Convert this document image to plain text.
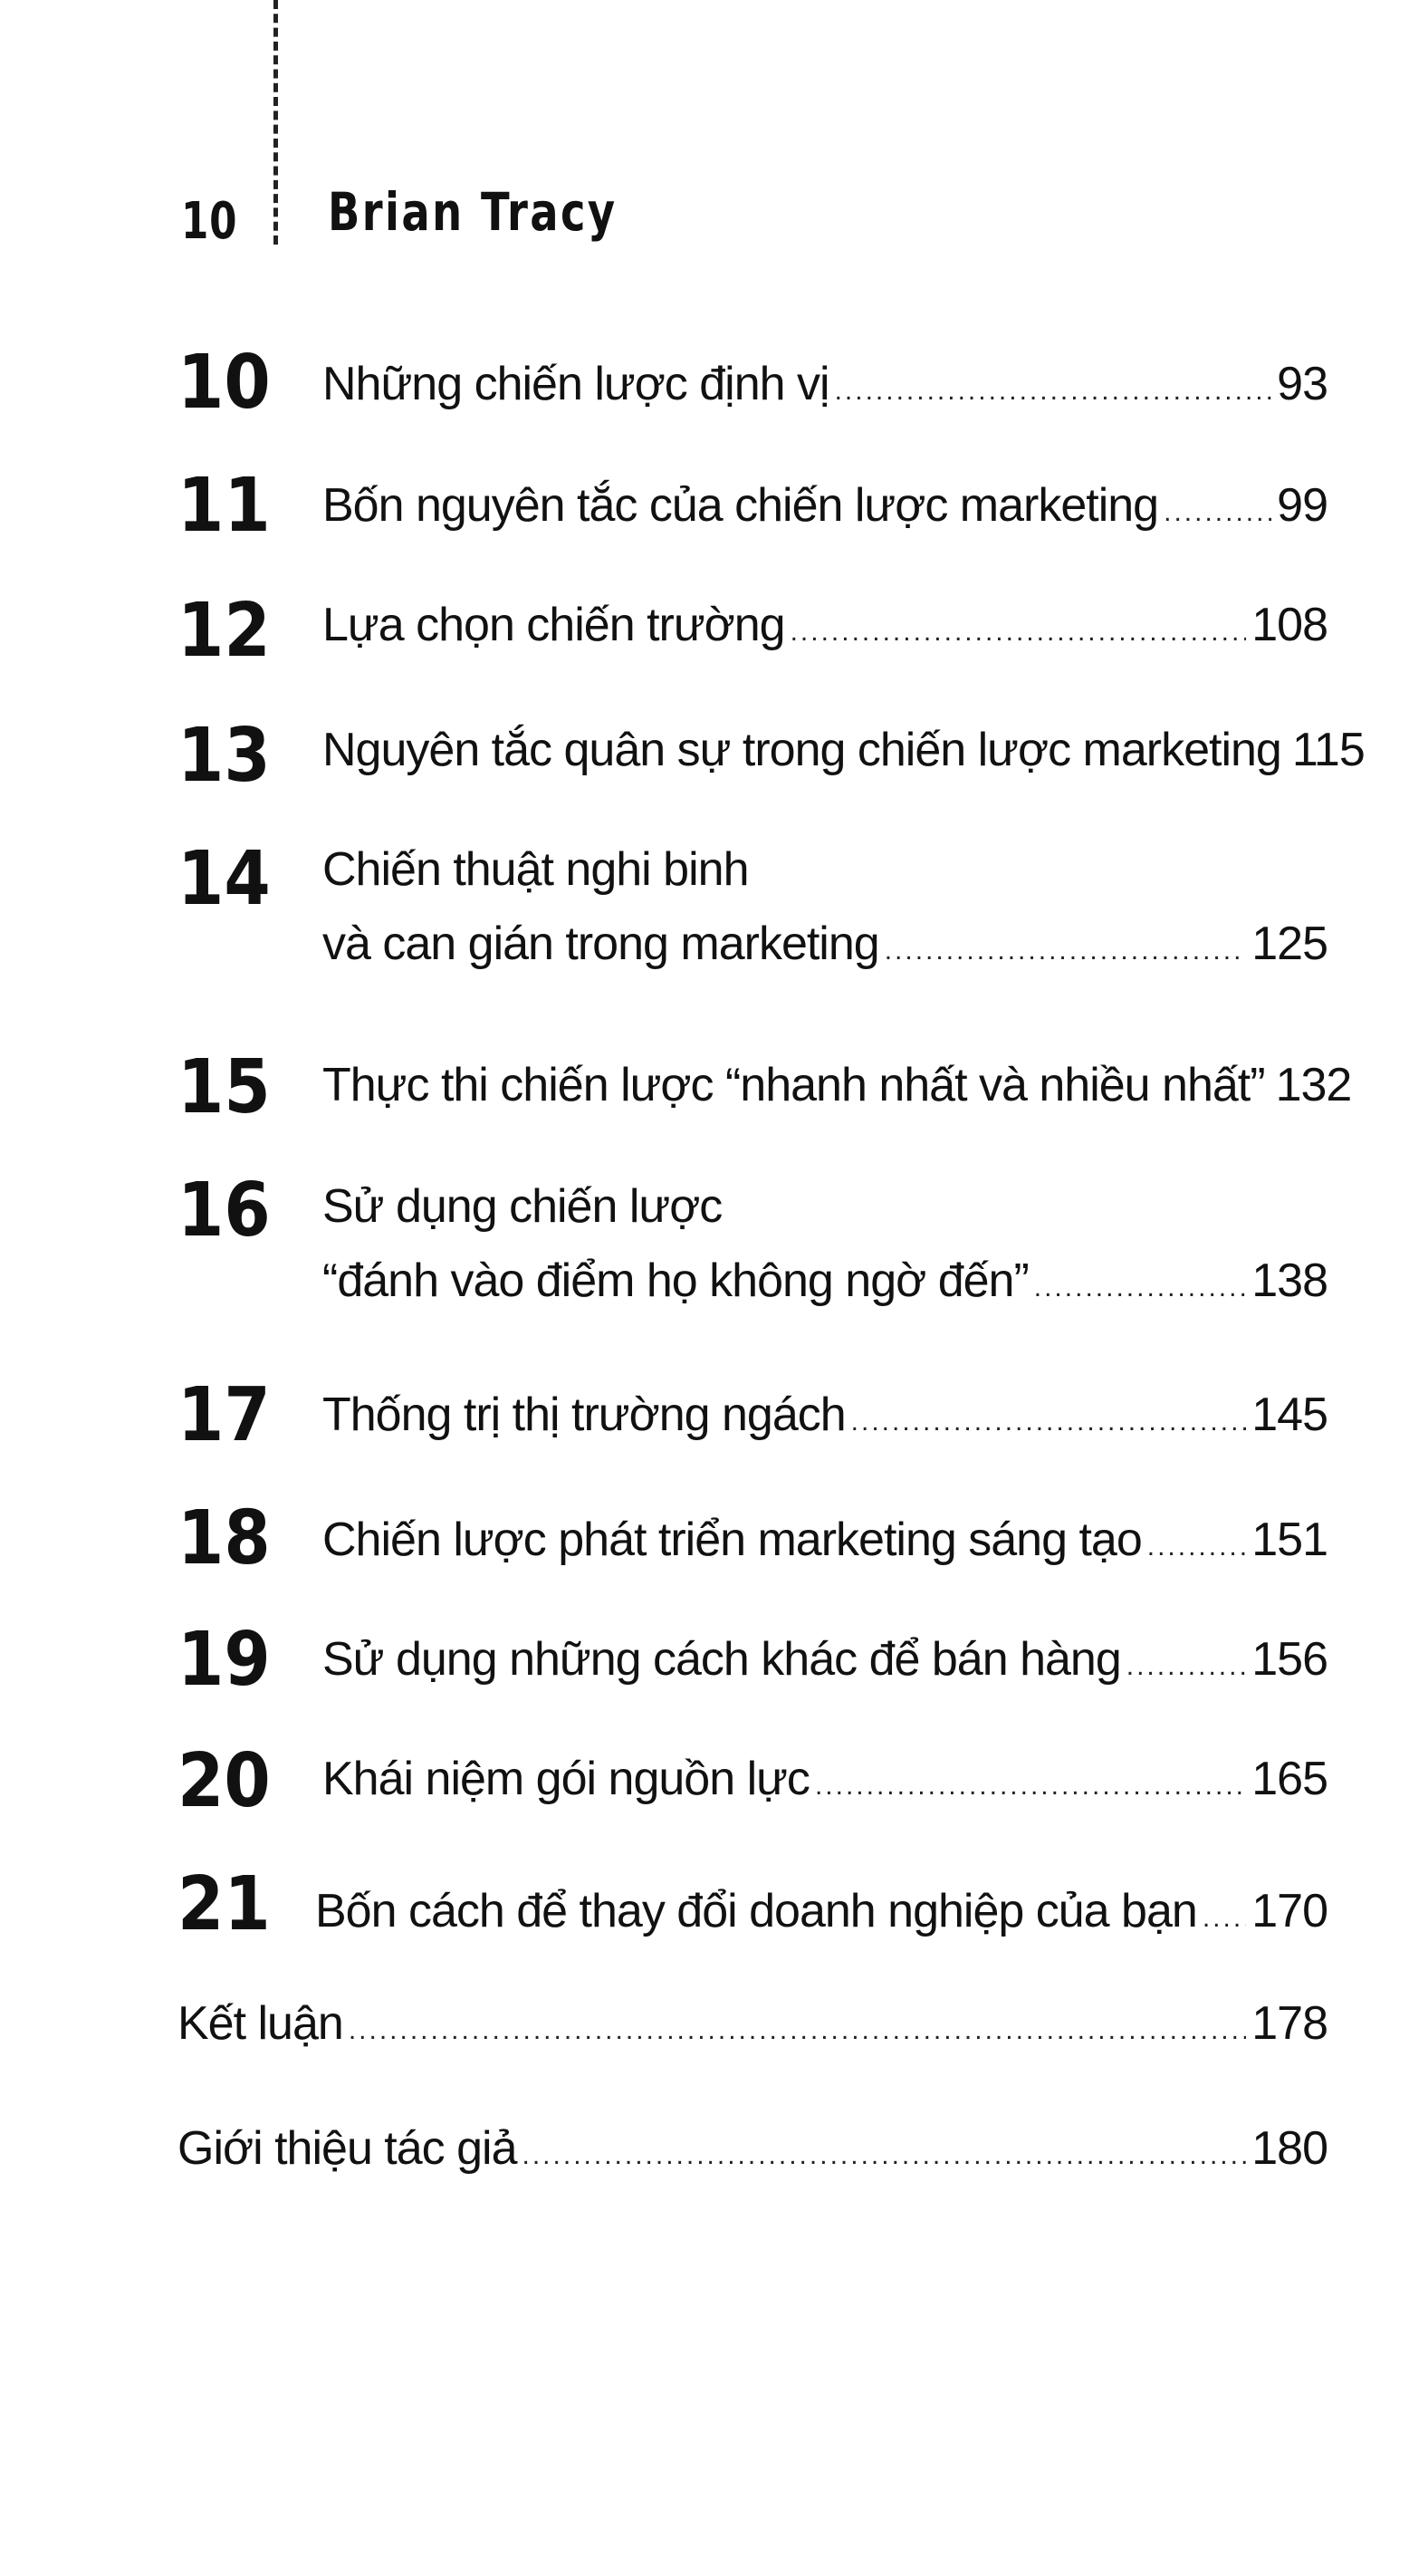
10 Brian Tracy
10 Những chiến lược định vị .....	93
11 Bốn nguyên tắc của chiến lược marketing .....	99
12 Lựa chọn chiến trường .....	108
13 Nguyên tắc quân sự trong chiến lược marketing 115
14 Chiến thuật nghi binh
và can gián trong marketing .....	125
15 Thực thi chiến lược “nhanh nhất và nhiều nhất” 132
16 Sử dụng chiến lược
“đánh vào điểm họ không ngờ đến” .....	138
17 Thống trị thị trường ngách .....	145
18 Chiến lược phát triển marketing sáng tạo ..... 151
19 Sử dụng những cách khác để bán hàng .....	156
20 Khái niệm gói nguồn lực .....	165
21 Bốn cách để thay đổi doanh nghiệp của bạn ..... 170
Kết luận .....	178
Giới thiệu tác giả .....	180
